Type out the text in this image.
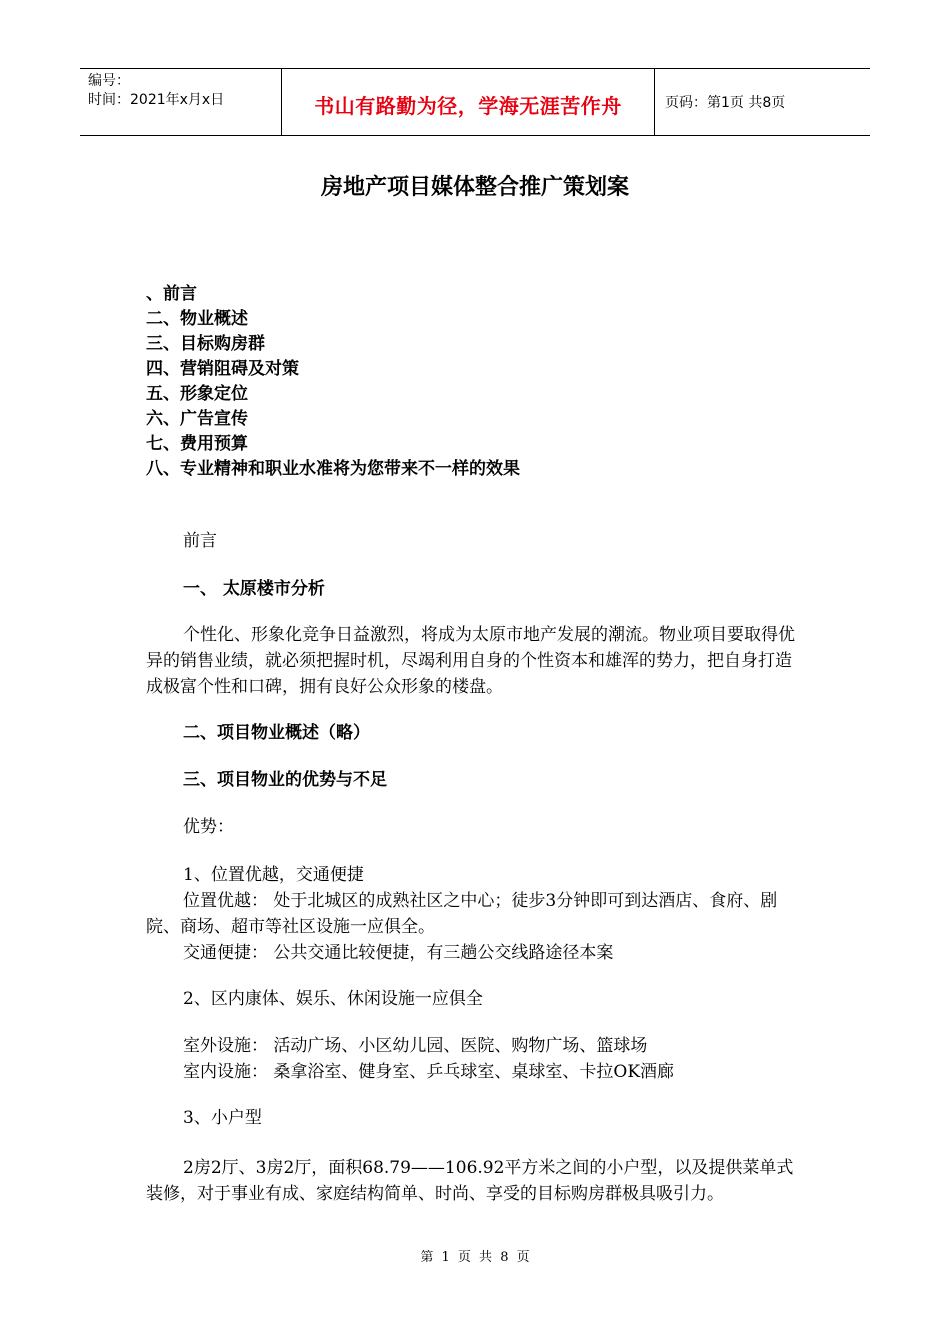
编号：
时间：2021年x月x日	书山有路勤为径，学海无涯苦作舟	页码：第1页 共8页
房地产项目媒体整合推广策划案
、前言
二、物业概述
三、目标购房群
四、营销阻碍及对策
五、形象定位
六、广告宣传
七、费用预算
八、专业精神和职业水准将为您带来不一样的效果
前言
一、 太原楼市分析
个性化、形象化竞争日益激烈，将成为太原市地产发展的潮流。物业项目要取得优异的销售业绩，就必须把握时机，尽竭利用自身的个性资本和雄浑的势力，把自身打造成极富个性和口碑，拥有良好公众形象的楼盘。
二、项目物业概述（略）
三、项目物业的优势与不足
优势：
1、位置优越，交通便捷
位置优越： 处于北城区的成熟社区之中心；徒步3分钟即可到达酒店、食府、剧院、商场、超市等社区设施一应俱全。
交通便捷： 公共交通比较便捷，有三趟公交线路途径本案
2、区内康体、娱乐、休闲设施一应俱全
室外设施： 活动广场、小区幼儿园、医院、购物广场、篮球场
室内设施： 桑拿浴室、健身室、乒乓球室、桌球室、卡拉OK酒廊
3、小户型
2房2厅、3房2厅，面积68.79——106.92平方米之间的小户型，以及提供菜单式装修，对于事业有成、家庭结构简单、时尚、享受的目标购房群极具吸引力。
第 1 页 共 8 页
